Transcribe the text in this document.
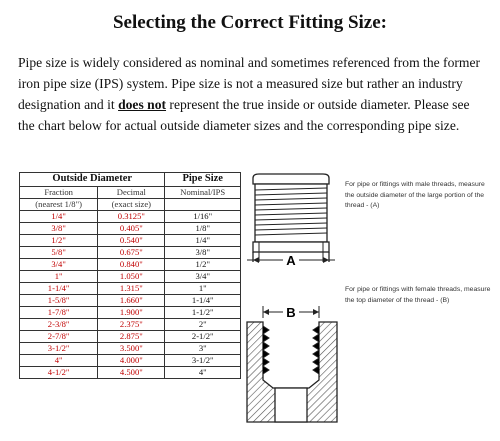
Selecting the Correct Fitting Size:
Pipe size is widely considered as nominal and sometimes referenced from the former iron pipe size (IPS) system. Pipe size is not a measured size but rather an industry designation and it does not represent the true inside or outside diameter. Please see the chart below for actual outside diameter sizes and the corresponding pipe size.
Outside Diameter		Pipe Size
Fraction	Decimal	Nominal/IPS
(nearest 1/8")	(exact size)	
1/4"	0.3125"	1/16"
3/8"	0.405"	1/8"
1/2"	0.540"	1/4"
5/8"	0.675"	3/8"
3/4"	0.840"	1/2"
1"	1.050"	3/4"
1-1/4"	1.315"	1"
1-5/8"	1.660"	1-1/4"
1-7/8"	1.900"	1-1/2"
2-3/8"	2.375"	2"
2-7/8"	2.875"	2-1/2"
3-1/2"	3.500"	3"
4"	4.000"	3-1/2"
4-1/2"	4.500"	4"
A
B
For pipe or fittings with male threads, measure the outside diameter of the large portion of the thread - (A)
For pipe or fittings with female threads, measure the top diameter of the thread - (B)
